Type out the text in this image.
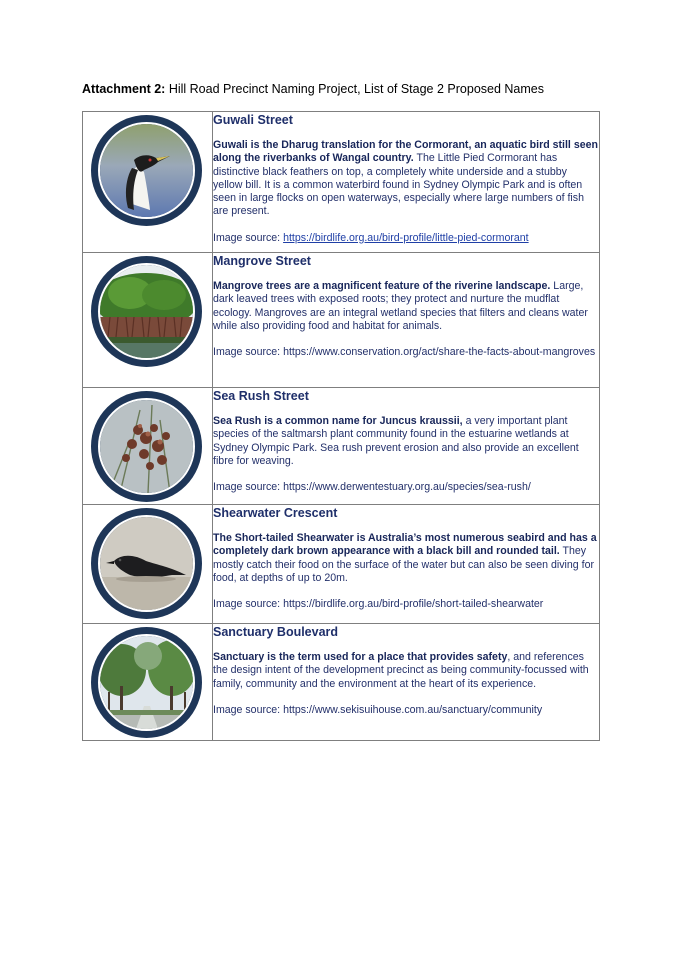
Attachment 2: Hill Road Precinct Naming Project, List of Stage 2 Proposed Names

Guwali Street
Guwali is the Dharug translation for the Cormorant, an aquatic bird still seen along the riverbanks of Wangal country. The Little Pied Cormorant has distinctive black feathers on top, a completely white underside and a stubby yellow bill. It is a common waterbird found in Sydney Olympic Park and is often seen in large flocks on open waterways, especially where large numbers of fish are present.
Image source: https://birdlife.org.au/bird-profile/little-pied-cormorant

Mangrove Street
Mangrove trees are a magnificent feature of the riverine landscape. Large, dark leaved trees with exposed roots; they protect and nurture the mudflat ecology. Mangroves are an integral wetland species that filters and cleans water while also providing food and habitat for animals.
Image source: https://www.conservation.org/act/share-the-facts-about-mangroves

Sea Rush Street
Sea Rush is a common name for Juncus kraussii, a very important plant species of the saltmarsh plant community found in the estuarine wetlands at Sydney Olympic Park. Sea rush prevent erosion and also provide an excellent fibre for weaving.
Image source: https://www.derwentestuary.org.au/species/sea-rush/

Shearwater Crescent
The Short-tailed Shearwater is Australia’s most numerous seabird and has a completely dark brown appearance with a black bill and rounded tail. They mostly catch their food on the surface of the water but can also be seen diving for food, at depths of up to 20m.
Image source: https://birdlife.org.au/bird-profile/short-tailed-shearwater

Sanctuary Boulevard
Sanctuary is the term used for a place that provides safety, and references the design intent of the development precinct as being community-focussed with family, community and the environment at the heart of its experience.
Image source: https://www.sekisuihouse.com.au/sanctuary/community
